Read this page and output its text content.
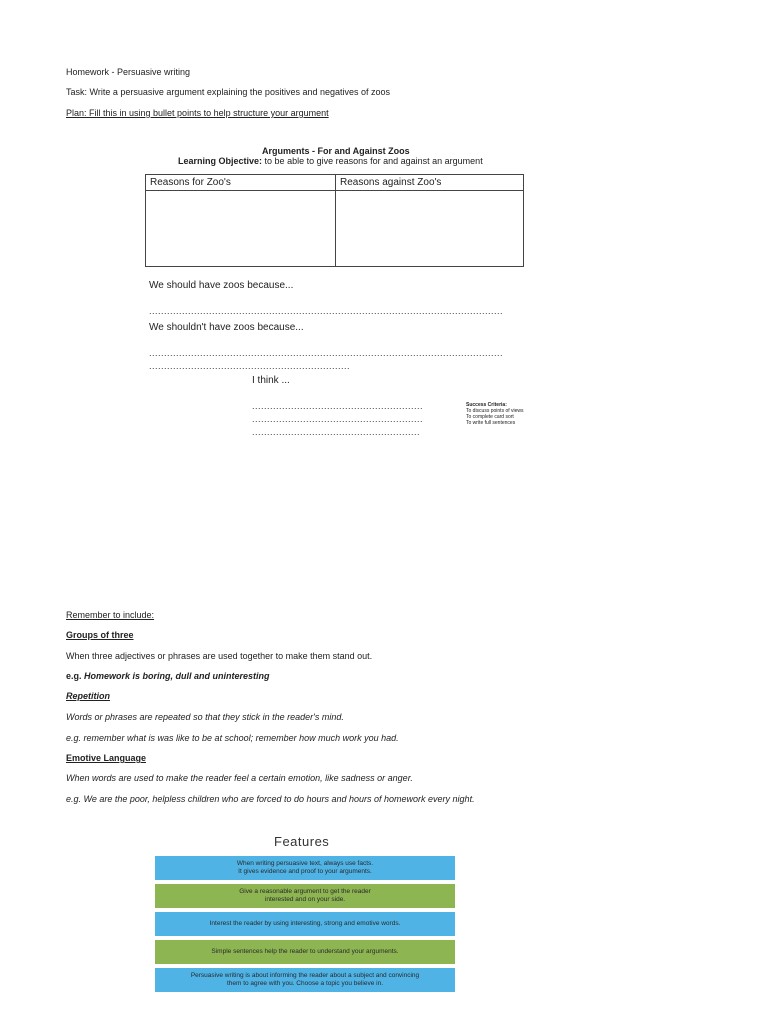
Homework - Persuasive writing
Task: Write a persuasive argument explaining the positives and negatives of zoos
Plan: Fill this in using bullet points to help structure your argument
Arguments - For and Against Zoos
Learning Objective: to be able to give reasons for and against an argument
Reasons for Zoo's	Reasons against Zoo's
We should have zoos because...
......................................................................................................................
We shouldn't have zoos because...
......................................................................................................................
...................................................................
I think ...
.........................................................
.........................................................
........................................................
Success Criteria:
To discuss points of views
To complete card sort
To write full sentences
Remember to include:
Groups of three
When three adjectives or phrases are used together to make them stand out.
e.g. Homework is boring, dull and uninteresting
Repetition
Words or phrases are repeated so that they stick in the reader's mind.
e.g. remember what is was like to be at school; remember how much work you had.
Emotive Language
When words are used to make the reader feel a certain emotion, like sadness or anger.
e.g. We are the poor, helpless children who are forced to do hours and hours of homework every night.
Features
When writing persuasive text, always use facts.
It gives evidence and proof to your arguments.
Give a reasonable argument to get the reader
interested and on your side.
Interest the reader by using interesting, strong and emotive words.
Simple sentences help the reader to understand your arguments.
Persuasive writing is about informing the reader about a subject and convincing
them to agree with you. Choose a topic you believe in.
